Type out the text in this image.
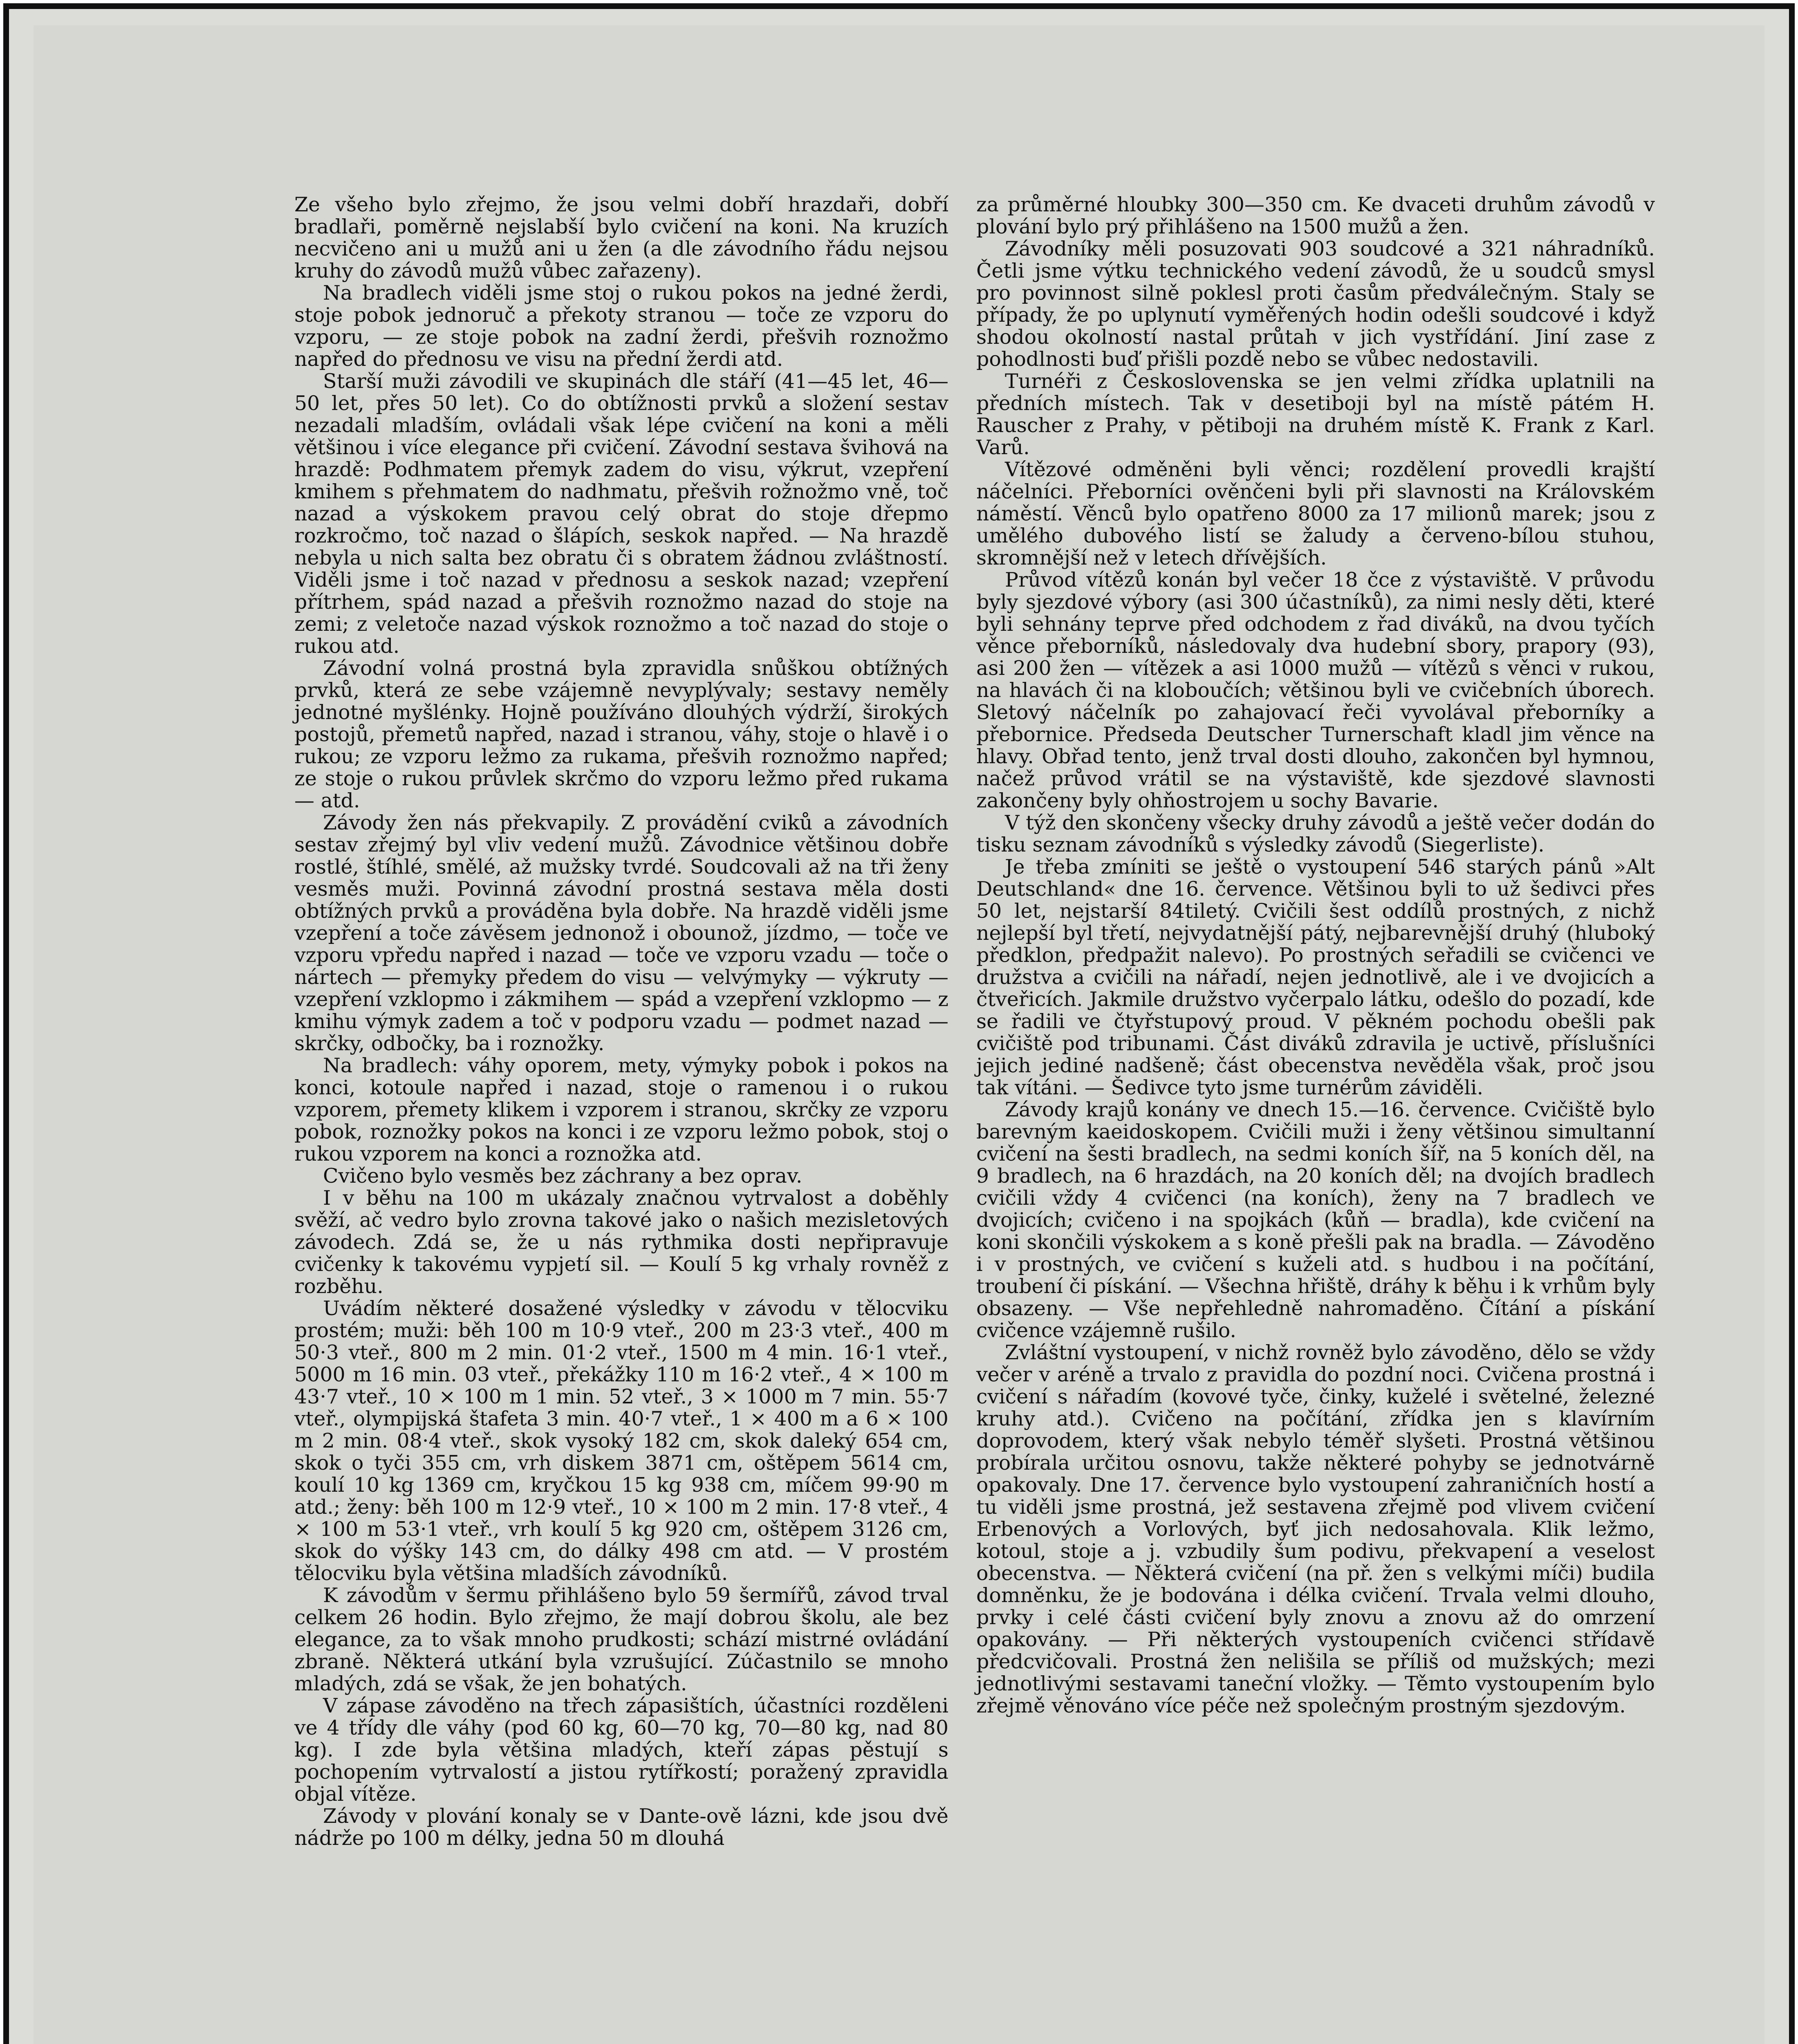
Ze všeho bylo zřejmo, že jsou velmi dobří hrazdaři, dobří bradlaři, poměrně nejslabší bylo cvičení na koni. Na kruzích necvičeno ani u mužů ani u žen (a dle závodního řádu nejsou kruhy do závodů mužů vůbec zařazeny).

Na bradlech viděli jsme stoj o rukou pokos na jedné žerdi, stoje pobok jednoruč a překoty stranou — toče ze vzporu do vzporu, — ze stoje pobok na zadní žerdi, přešvih roznožmo napřed do přednosu ve visu na přední žerdi atd.

Starší muži závodili ve skupinách dle stáří (41—45 let, 46—50 let, přes 50 let). Co do obtížnosti prvků a složení sestav nezadali mladším, ovládali však lépe cvičení na koni a měli většinou i více elegance při cvičení. Závodní sestava švihová na hrazdě: Podhmatem přemyk zadem do visu, výkrut, vzepření kmihem s přehmatem do nadhmatu, přešvih rožnožmo vně, toč nazad a výskokem pravou celý obrat do stoje dřepmo rozkročmo, toč nazad o šlápích, seskok napřed. — Na hrazdě nebyla u nich salta bez obratu či s obratem žádnou zvláštností. Viděli jsme i toč nazad v přednosu a seskok nazad; vzepření přítrhem, spád nazad a přešvih roznožmo nazad do stoje na zemi; z veletoče nazad výskok roznožmo a toč nazad do stoje o rukou atd.

Závodní volná prostná byla zpravidla snůškou obtížných prvků, která ze sebe vzájemně nevyplývaly; sestavy neměly jednotné myšlénky. Hojně používáno dlouhých výdrží, širokých postojů, přemetů napřed, nazad i stranou, váhy, stoje o hlavě i o rukou; ze vzporu ležmo za rukama, přešvih roznožmo napřed; ze stoje o rukou průvlek skrčmo do vzporu ležmo před rukama — atd.

Závody žen nás překvapily. Z provádění cviků a závodních sestav zřejmý byl vliv vedení mužů. Závodnice většinou dobře rostlé, štíhlé, smělé, až mužsky tvrdé. Soudcovali až na tři ženy vesměs muži. Povinná závodní prostná sestava měla dosti obtížných prvků a prováděna byla dobře. Na hrazdě viděli jsme vzepření a toče závěsem jednonož i obounož, jízdmo, — toče ve vzporu vpředu napřed i nazad — toče ve vzporu vzadu — toče o nártech — přemyky předem do visu — velvýmyky — výkruty — vzepření vzklopmo i zákmihem — spád a vzepření vzklopmo — z kmihu výmyk zadem a toč v podporu vzadu — podmet nazad — skrčky, odbočky, ba i roznožky.

Na bradlech: váhy oporem, mety, výmyky pobok i pokos na konci, kotoule napřed i nazad, stoje o ramenou i o rukou vzporem, přemety klikem i vzporem i stranou, skrčky ze vzporu pobok, roznožky pokos na konci i ze vzporu ležmo pobok, stoj o rukou vzporem na konci a roznožka atd.

Cvičeno bylo vesměs bez záchrany a bez oprav.

I v běhu na 100 m ukázaly značnou vytrvalost a doběhly svěží, ač vedro bylo zrovna takové jako o našich mezisletových závodech. Zdá se, že u nás rythmika dosti nepřipravuje cvičenky k takovému vypjetí sil. — Koulí 5 kg vrhaly rovněž z rozběhu.

Uvádím některé dosažené výsledky v závodu v tělocviku prostém; muži: běh 100 m 10·9 vteř., 200 m 23·3 vteř., 400 m 50·3 vteř., 800 m 2 min. 01·2 vteř., 1500 m 4 min. 16·1 vteř., 5000 m 16 min. 03 vteř., překážky 110 m 16·2 vteř., 4 × 100 m 43·7 vteř., 10 × 100 m 1 min. 52 vteř., 3 × 1000 m 7 min. 55·7 vteř., olympijská štafeta 3 min. 40·7 vteř., 1 × 400 m a 6 × 100 m 2 min. 08·4 vteř., skok vysoký 182 cm, skok daleký 654 cm, skok o tyči 355 cm, vrh diskem 3871 cm, oštěpem 5614 cm, koulí 10 kg 1369 cm, kryčkou 15 kg 938 cm, míčem 99·90 m atd.; ženy: běh 100 m 12·9 vteř., 10 × 100 m 2 min. 17·8 vteř., 4 × 100 m 53·1 vteř., vrh koulí 5 kg 920 cm, oštěpem 3126 cm, skok do výšky 143 cm, do dálky 498 cm atd. — V prostém tělocviku byla většina mladších závodníků.

K závodům v šermu přihlášeno bylo 59 šermířů, závod trval celkem 26 hodin. Bylo zřejmo, že mají dobrou školu, ale bez elegance, za to však mnoho prudkosti; schází mistrné ovládání zbraně. Některá utkání byla vzrušující. Zúčastnilo se mnoho mladých, zdá se však, že jen bohatých.

V zápase závoděno na třech zápasištích, účastníci rozděleni ve 4 třídy dle váhy (pod 60 kg, 60—70 kg, 70—80 kg, nad 80 kg). I zde byla většina mladých, kteří zápas pěstují s pochopením vytrvalostí a jistou rytířkostí; poražený zpravidla objal vítěze.

Závody v plování konaly se v Dante-ově lázni, kde jsou dvě nádrže po 100 m délky, jedna 50 m dlouhá

za průměrné hloubky 300—350 cm. Ke dvaceti druhům závodů v plování bylo prý přihlášeno na 1500 mužů a žen.

Závodníky měli posuzovati 903 soudcové a 321 náhradníků. Četli jsme výtku technického vedení závodů, že u soudců smysl pro povinnost silně poklesl proti časům předválečným. Staly se případy, že po uplynutí vyměřených hodin odešli soudcové i když shodou okolností nastal průtah v jich vystřídání. Jiní zase z pohodlnosti buď přišli pozdě nebo se vůbec nedostavili.

Turnéři z Československa se jen velmi zřídka uplatnili na předních místech. Tak v desetiboji byl na místě pátém H. Rauscher z Prahy, v pětiboji na druhém místě K. Frank z Karl. Varů.

Vítězové odměněni byli věnci; rozdělení provedli krajští náčelníci. Přeborníci ověnčeni byli při slavnosti na Královském náměstí. Věnců bylo opatřeno 8000 za 17 milionů marek; jsou z umělého dubového listí se žaludy a červeno-bílou stuhou, skromnější než v letech dřívějších.

Průvod vítězů konán byl večer 18 čce z výstaviště. V průvodu byly sjezdové výbory (asi 300 účastníků), za nimi nesly děti, které byli sehnány teprve před odchodem z řad diváků, na dvou tyčích věnce přeborníků, následovaly dva hudební sbory, prapory (93), asi 200 žen — vítězek a asi 1000 mužů — vítězů s věnci v rukou, na hlavách či na kloboučích; většinou byli ve cvičebních úborech. Sletový náčelník po zahajovací řeči vyvolával přeborníky a přebornice. Předseda Deutscher Turnerschaft kladl jim věnce na hlavy. Obřad tento, jenž trval dosti dlouho, zakončen byl hymnou, načež průvod vrátil se na výstaviště, kde sjezdové slavnosti zakončeny byly ohňostrojem u sochy Bavarie.

V týž den skončeny všecky druhy závodů a ještě večer dodán do tisku seznam závodníků s výsledky závodů (Siegerliste).

Je třeba zmíniti se ještě o vystoupení 546 starých pánů »Alt Deutschland« dne 16. července. Většinou byli to už šedivci přes 50 let, nejstarší 84tiletý. Cvičili šest oddílů prostných, z nichž nejlepší byl třetí, nejvydatnější pátý, nejbarevnější druhý (hluboký předklon, předpažit nalevo). Po prostných seřadili se cvičenci ve družstva a cvičili na nářadí, nejen jednotlivě, ale i ve dvojicích a čtveřicích. Jakmile družstvo vyčerpalo látku, odešlo do pozadí, kde se řadili ve čtyřstupový proud. V pěkném pochodu obešli pak cvičiště pod tribunami. Část diváků zdravila je uctivě, příslušníci jejich jediné nadšeně; část obecenstva nevěděla však, proč jsou tak vítáni. — Šedivce tyto jsme turnérům záviděli.

Závody krajů konány ve dnech 15.—16. července. Cvičiště bylo barevným kaeidoskopem. Cvičili muži i ženy většinou simultanní cvičení na šesti bradlech, na sedmi koních šíř, na 5 koních děl, na 9 bradlech, na 6 hrazdách, na 20 koních děl; na dvojích bradlech cvičili vždy 4 cvičenci (na koních), ženy na 7 bradlech ve dvojicích; cvičeno i na spojkách (kůň — bradla), kde cvičení na koni skončili výskokem a s koně přešli pak na bradla. — Závoděno i v prostných, ve cvičení s kuželi atd. s hudbou i na počítání, troubení či pískání. — Všechna hřiště, dráhy k běhu i k vrhům byly obsazeny. — Vše nepřehledně nahromaděno. Čítání a pískání cvičence vzájemně rušilo.

Zvláštní vystoupení, v nichž rovněž bylo závoděno, dělo se vždy večer v aréně a trvalo z pravidla do pozdní noci. Cvičena prostná i cvičení s nářadím (kovové tyče, činky, kuželé i světelné, železné kruhy atd.). Cvičeno na počítání, zřídka jen s klavírním doprovodem, který však nebylo téměř slyšeti. Prostná většinou probírala určitou osnovu, takže některé pohyby se jednotvárně opakovaly. Dne 17. července bylo vystoupení zahraničních hostí a tu viděli jsme prostná, jež sestavena zřejmě pod vlivem cvičení Erbenových a Vorlových, byť jich nedosahovala. Klik ležmo, kotoul, stoje a j. vzbudily šum podivu, překvapení a veselost obecenstva. — Některá cvičení (na př. žen s velkými míči) budila domněnku, že je bodována i délka cvičení. Trvala velmi dlouho, prvky i celé části cvičení byly znovu a znovu až do omrzení opakovány. — Při některých vystoupeních cvičenci střídavě předcvičovali. Prostná žen nelišila se příliš od mužských; mezi jednotlivými sestavami taneční vložky. — Těmto vystoupením bylo zřejmě věnováno více péče než společným prostným sjezdovým.
